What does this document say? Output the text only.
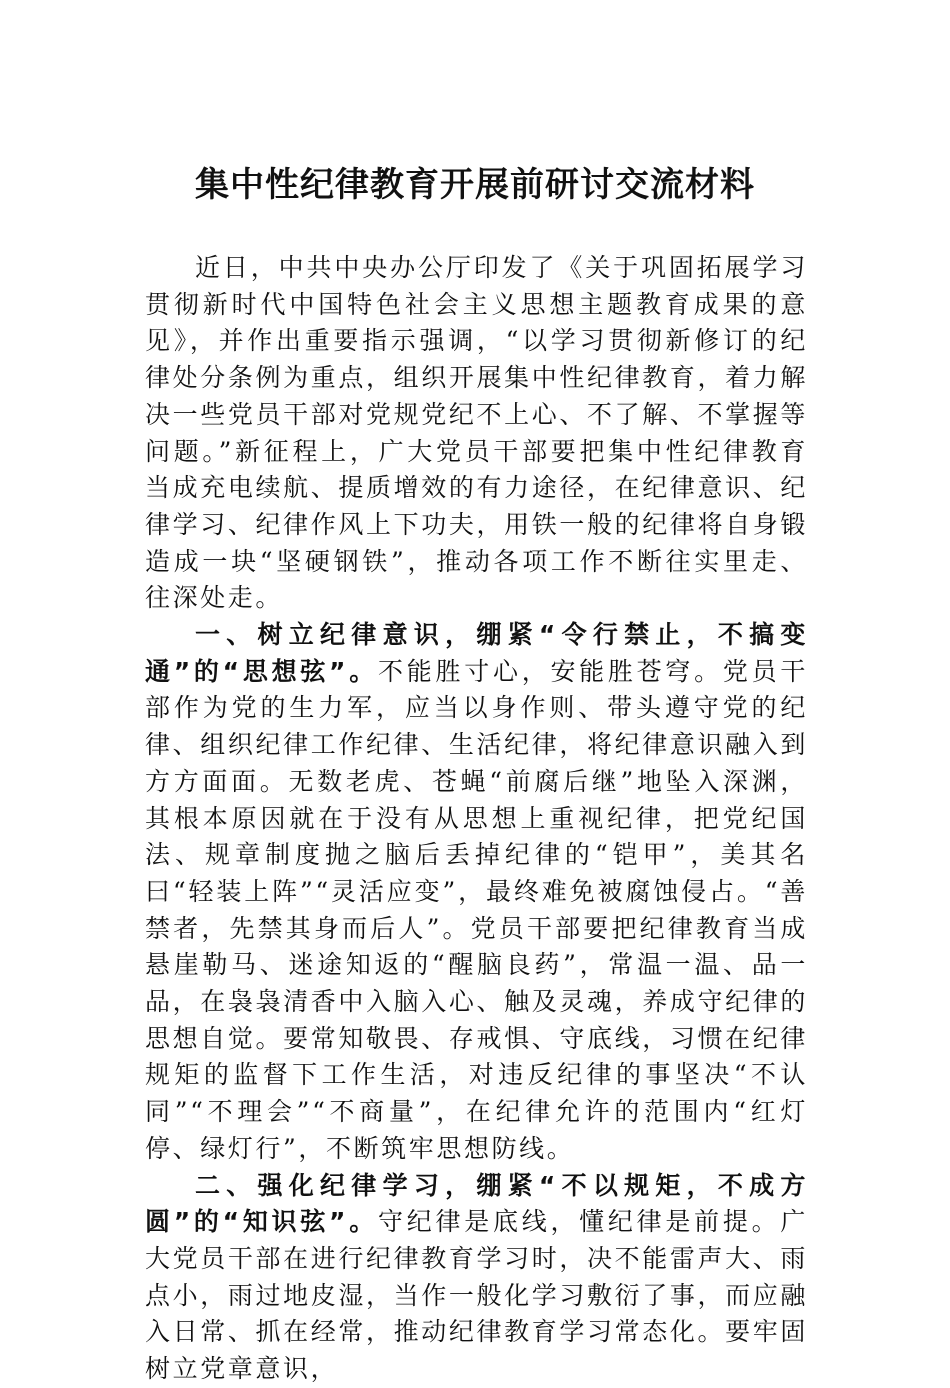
集中性纪律教育开展前研讨交流材料

近日，中共中央办公厅印发了《关于巩固拓展学习贯彻新时代中国特色社会主义思想主题教育成果的意见》，并作出重要指示强调，“以学习贯彻新修订的纪律处分条例为重点，组织开展集中性纪律教育，着力解决一些党员干部对党规党纪不上心、不了解、不掌握等问题。”新征程上，广大党员干部要把集中性纪律教育当成充电续航、提质增效的有力途径，在纪律意识、纪律学习、纪律作风上下功夫，用铁一般的纪律将自身锻造成一块“坚硬钢铁”，推动各项工作不断往实里走、往深处走。

一、树立纪律意识，绷紧“令行禁止，不搞变通”的“思想弦”。不能胜寸心，安能胜苍穹。党员干部作为党的生力军，应当以身作则、带头遵守党的纪律、组织纪律工作纪律、生活纪律，将纪律意识融入到方方面面。无数老虎、苍蝇“前腐后继”地坠入深渊，其根本原因就在于没有从思想上重视纪律，把党纪国法、规章制度抛之脑后丢掉纪律的“铠甲”，美其名曰“轻装上阵”“灵活应变”，最终难免被腐蚀侵占。“善禁者，先禁其身而后人”。党员干部要把纪律教育当成悬崖勒马、迷途知返的“醒脑良药”，常温一温、品一品，在袅袅清香中入脑入心、触及灵魂，养成守纪律的思想自觉。要常知敬畏、存戒惧、守底线，习惯在纪律规矩的监督下工作生活，对违反纪律的事坚决“不认同”“不理会”“不商量”，在纪律允许的范围内“红灯停、绿灯行”，不断筑牢思想防线。

二、强化纪律学习，绷紧“不以规矩，不成方圆”的“知识弦”。守纪律是底线，懂纪律是前提。广大党员干部在进行纪律教育学习时，决不能雷声大、雨点小，雨过地皮湿，当作一般化学习敷衍了事，而应融入日常、抓在经常，推动纪律教育学习常态化。要牢固树立党章意识，
